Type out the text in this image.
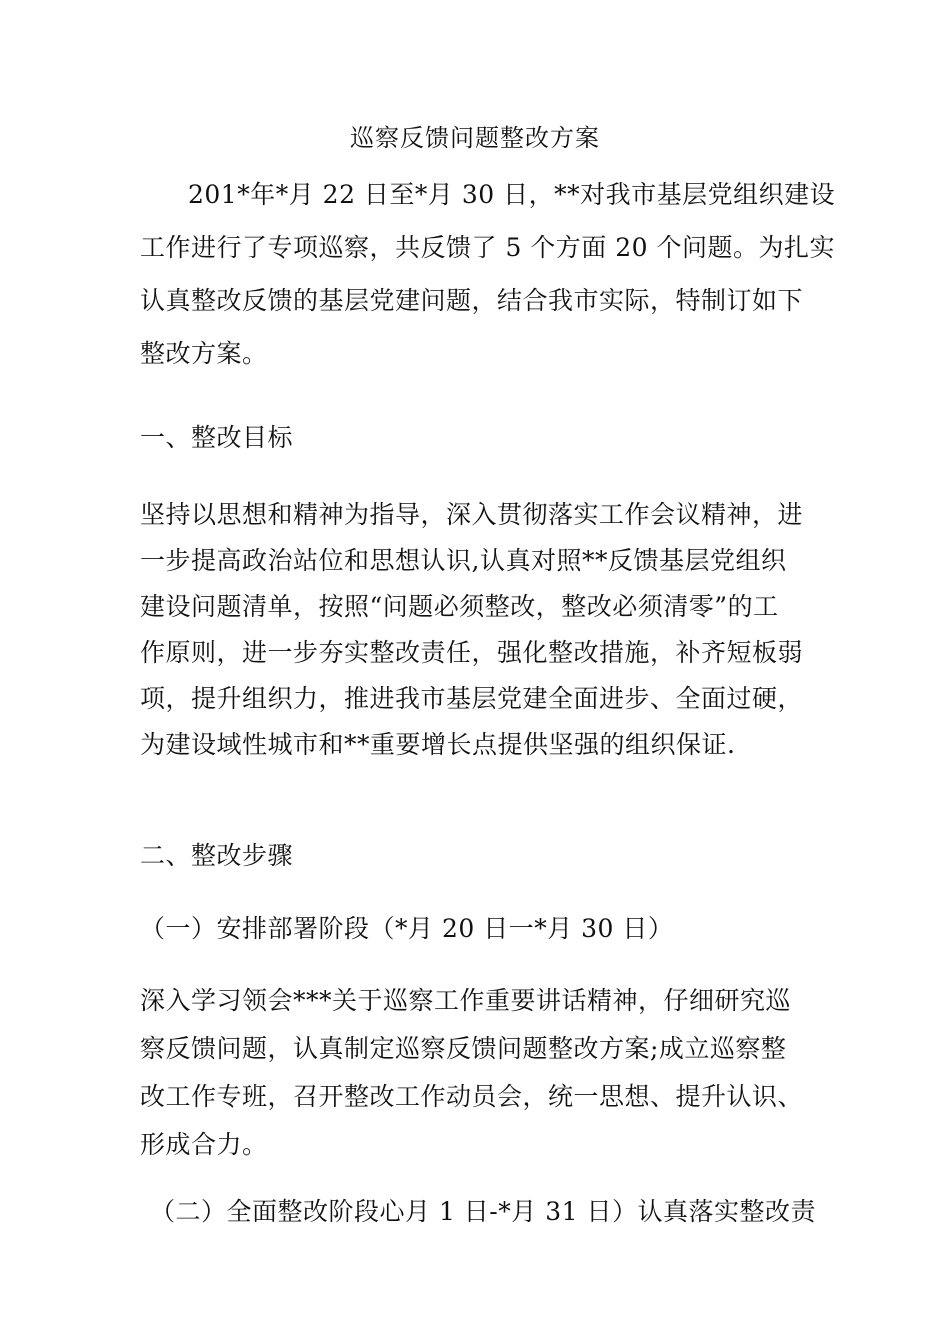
巡察反馈问题整改方案
201*年*月 22 日至*月 30 日，**对我市基层党组织建设
工作进行了专项巡察，共反馈了 5 个方面 20 个问题。为扎实
认真整改反馈的基层党建问题，结合我市实际，特制订如下
整改方案。
一、整改目标
坚持以思想和精神为指导，深入贯彻落实工作会议精神，进
一步提高政治站位和思想认识,认真对照**反馈基层党组织
建设问题清单，按照“问题必须整改，整改必须清零”的工
作原则，进一步夯实整改责任，强化整改措施，补齐短板弱
项，提升组织力，推进我市基层党建全面进步、全面过硬，
为建设域性城市和**重要增长点提供坚强的组织保证.
二、整改步骤
（一）安排部署阶段（*月 20 日一*月 30 日）
深入学习领会***关于巡察工作重要讲话精神，仔细研究巡
察反馈问题，认真制定巡察反馈问题整改方案;成立巡察整
改工作专班，召开整改工作动员会，统一思想、提升认识、
形成合力。
（二）全面整改阶段心月 1 日-*月 31 日）认真落实整改责
